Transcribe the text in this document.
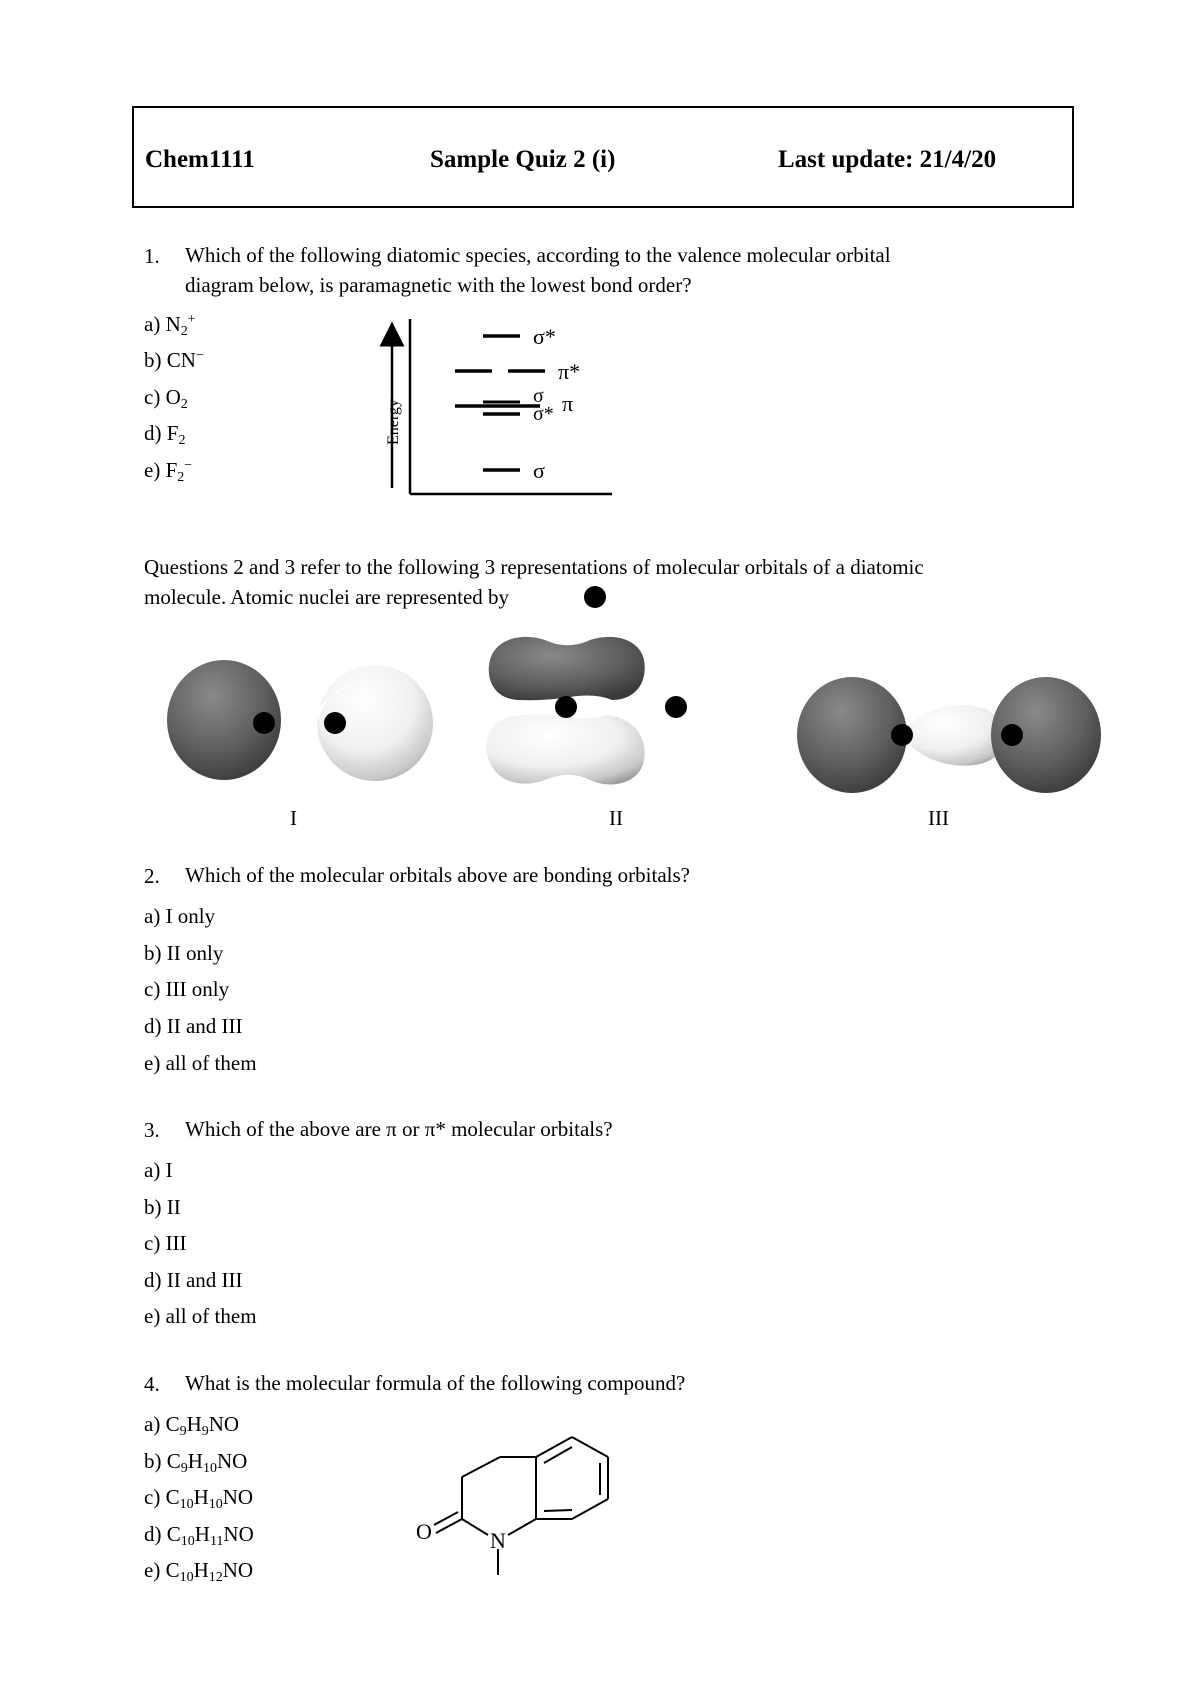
Chem1111	Sample Quiz 2 (i)	Last update: 21/4/20
1. Which of the following diatomic species, according to the valence molecular orbital
diagram below, is paramagnetic with the lowest bond order?
a) $N_2^+$
b) CN−
c) $O_2$
d) $F_2$
e) $F_2^-$
Energy
σ*
π*
σ π
σ*
σ
Questions 2 and 3 refer to the following 3 representations of molecular orbitals of a diatomic
molecule. Atomic nuclei are represented by
I	II	III
2. Which of the molecular orbitals above are bonding orbitals?
a) I only
b) II only
c) III only
d) II and III
e) all of them
3. Which of the above are π or π* molecular orbitals?
a) I
b) II
c) III
d) II and III
e) all of them
4. What is the molecular formula of the following compound?
a) $C_9H_9NO$
b) $C_9H_{10}NO$
c) $C_{10}H_{10}NO$
d) $C_{10}H_{11}NO$
e) $C_{10}H_{12}NO$
O	N
